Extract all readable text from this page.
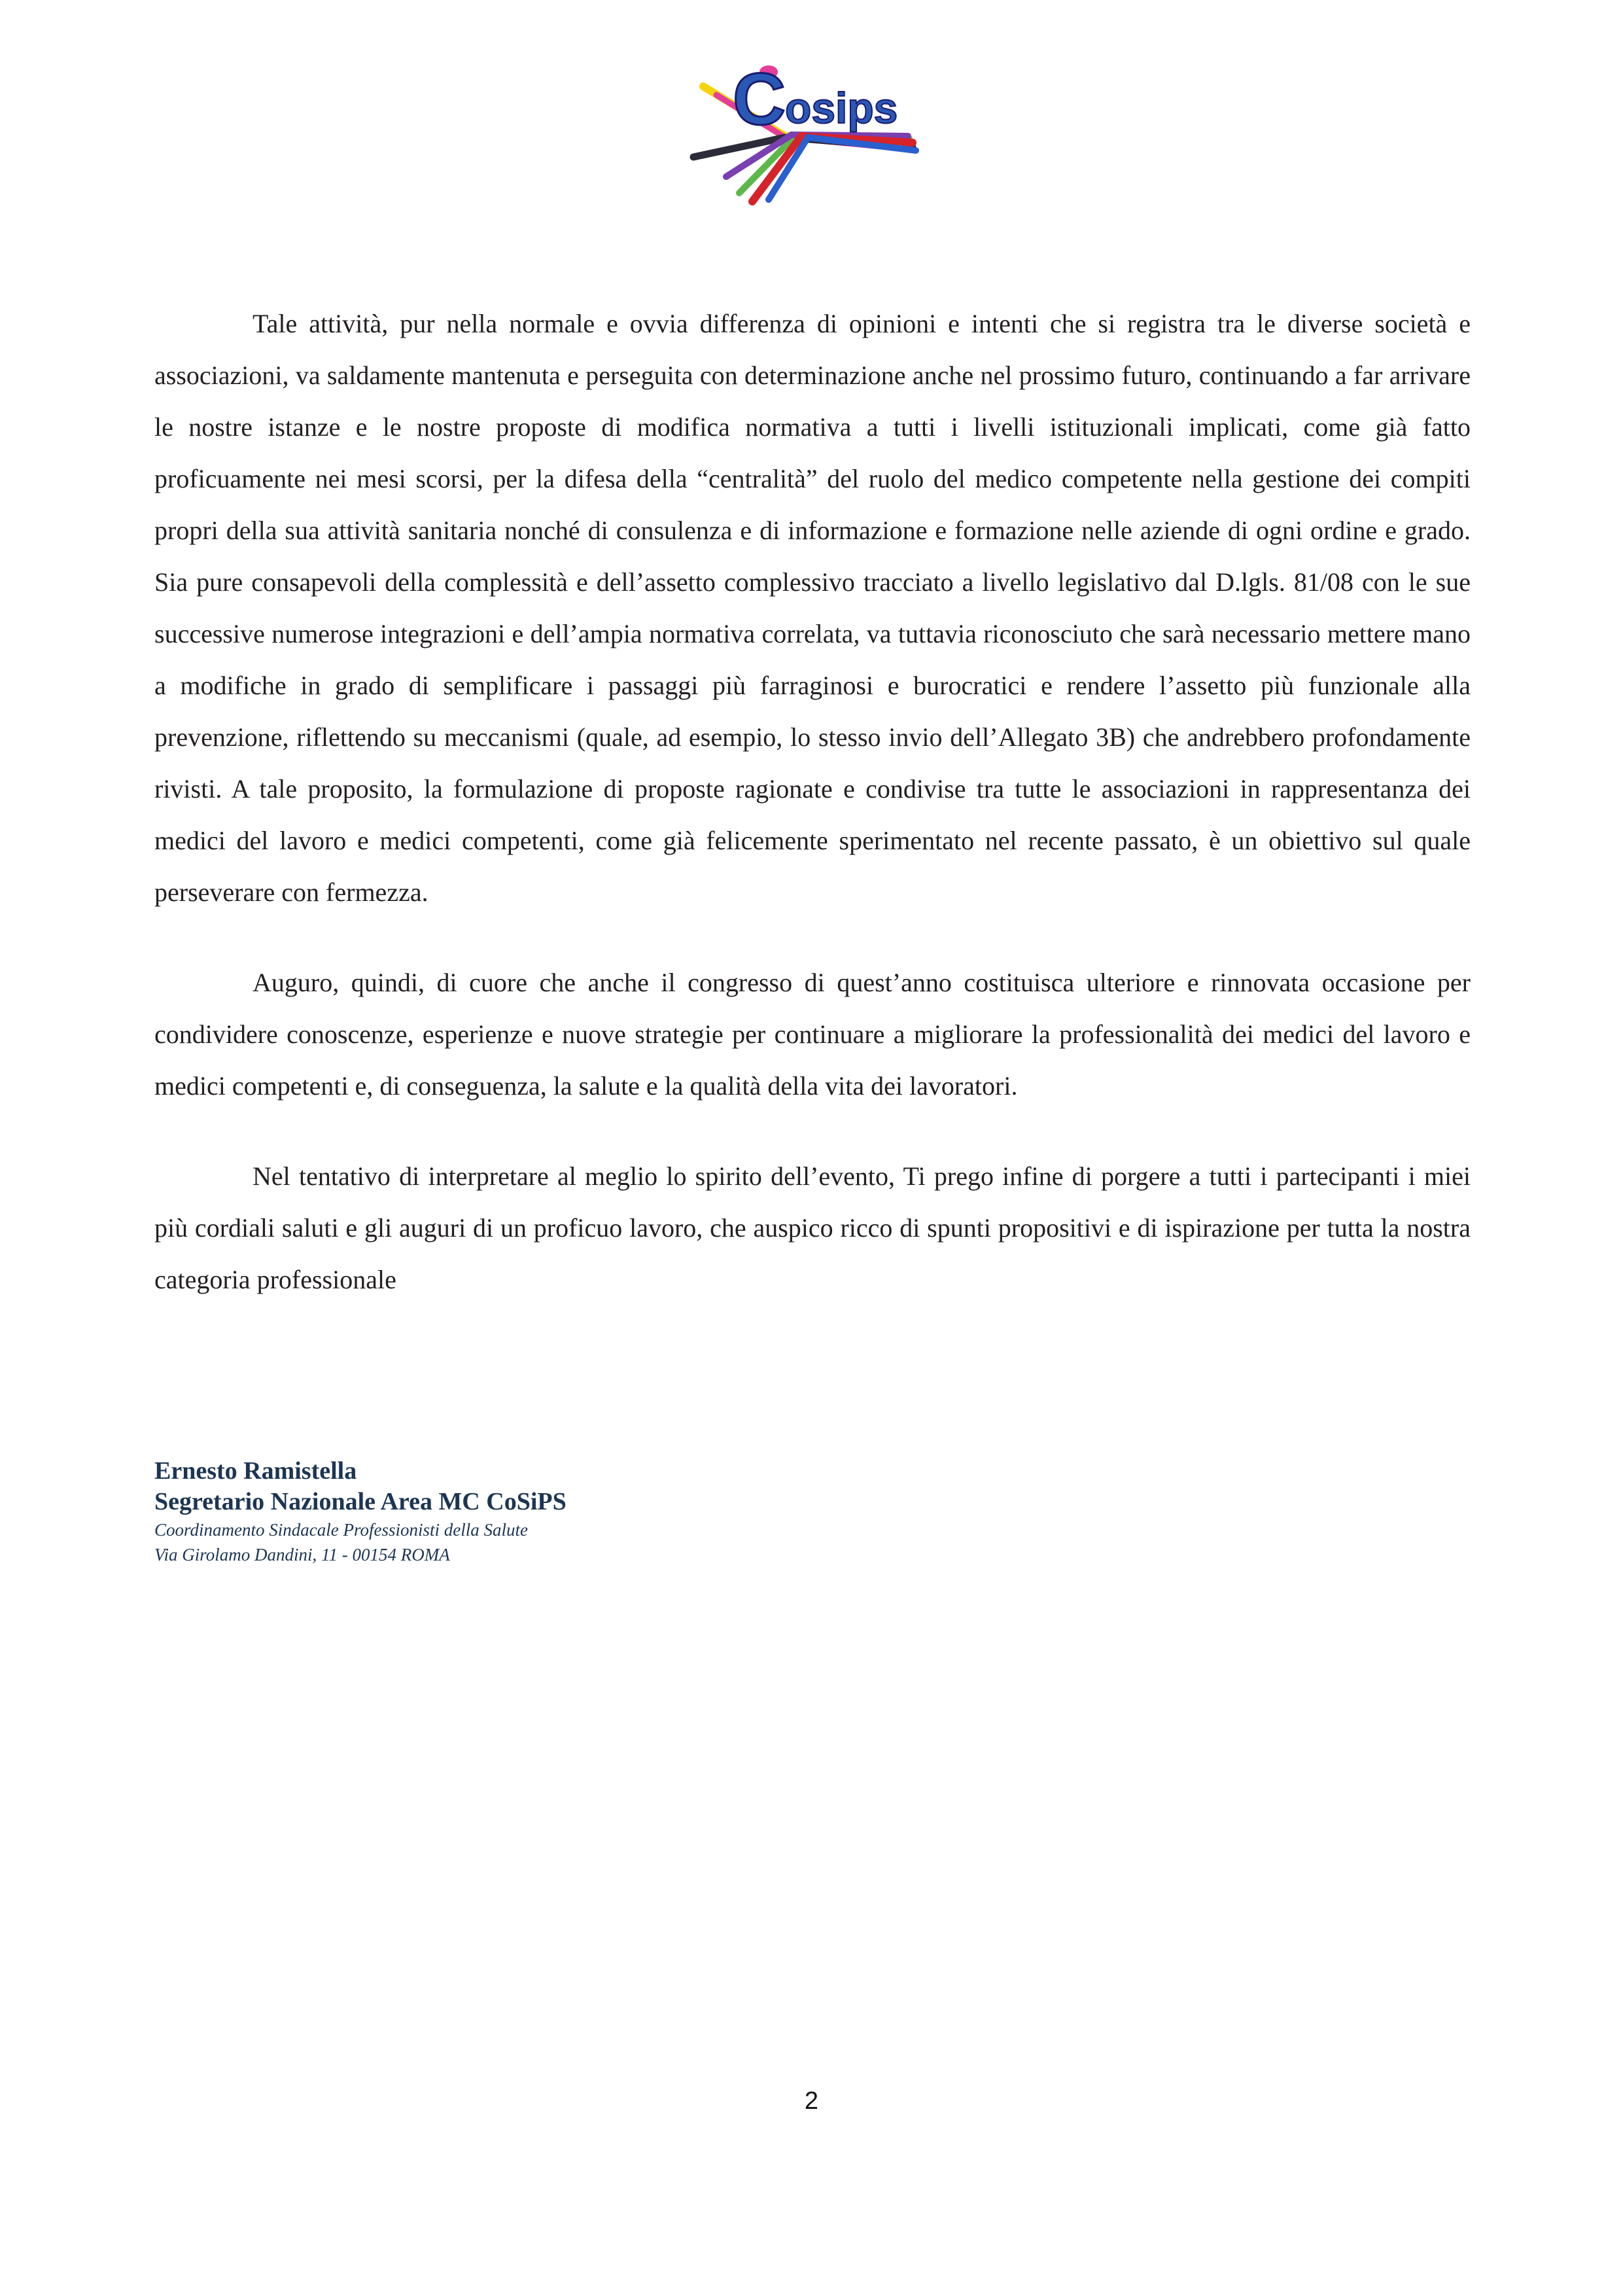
C osips

Tale attività, pur nella normale e ovvia differenza di opinioni e intenti che si registra tra le diverse società e associazioni, va saldamente mantenuta e perseguita con determinazione anche nel prossimo futuro, continuando a far arrivare le nostre istanze e le nostre proposte di modifica normativa a tutti i livelli istituzionali implicati, come già fatto proficuamente nei mesi scorsi, per la difesa della “centralità” del ruolo del medico competente nella gestione dei compiti propri della sua attività sanitaria nonché di consulenza e di informazione e formazione nelle aziende di ogni ordine e grado. Sia pure consapevoli della complessità e dell’assetto complessivo tracciato a livello legislativo dal D.lgls. 81/08 con le sue successive numerose integrazioni e dell’ampia normativa correlata, va tuttavia riconosciuto che sarà necessario mettere mano a modifiche in grado di semplificare i passaggi più farraginosi e burocratici e rendere l’assetto più funzionale alla prevenzione, riflettendo su meccanismi (quale, ad esempio, lo stesso invio dell’Allegato 3B) che andrebbero profondamente rivisti. A tale proposito, la formulazione di proposte ragionate e condivise tra tutte le associazioni in rappresentanza dei medici del lavoro e medici competenti, come già felicemente sperimentato nel recente passato, è un obiettivo sul quale perseverare con fermezza.

Auguro, quindi, di cuore che anche il congresso di quest’anno costituisca ulteriore e rinnovata occasione per condividere conoscenze, esperienze e nuove strategie per continuare a migliorare la professionalità dei medici del lavoro e medici competenti e, di conseguenza, la salute e la qualità della vita dei lavoratori.

Nel tentativo di interpretare al meglio lo spirito dell’evento, Ti prego infine di porgere a tutti i partecipanti i miei più cordiali saluti e gli auguri di un proficuo lavoro, che auspico ricco di spunti propositivi e di ispirazione per tutta la nostra categoria professionale

Ernesto Ramistella
Segretario Nazionale Area MC CoSiPS
Coordinamento Sindacale Professionisti della Salute
Via Girolamo Dandini, 11 - 00154 ROMA
2
